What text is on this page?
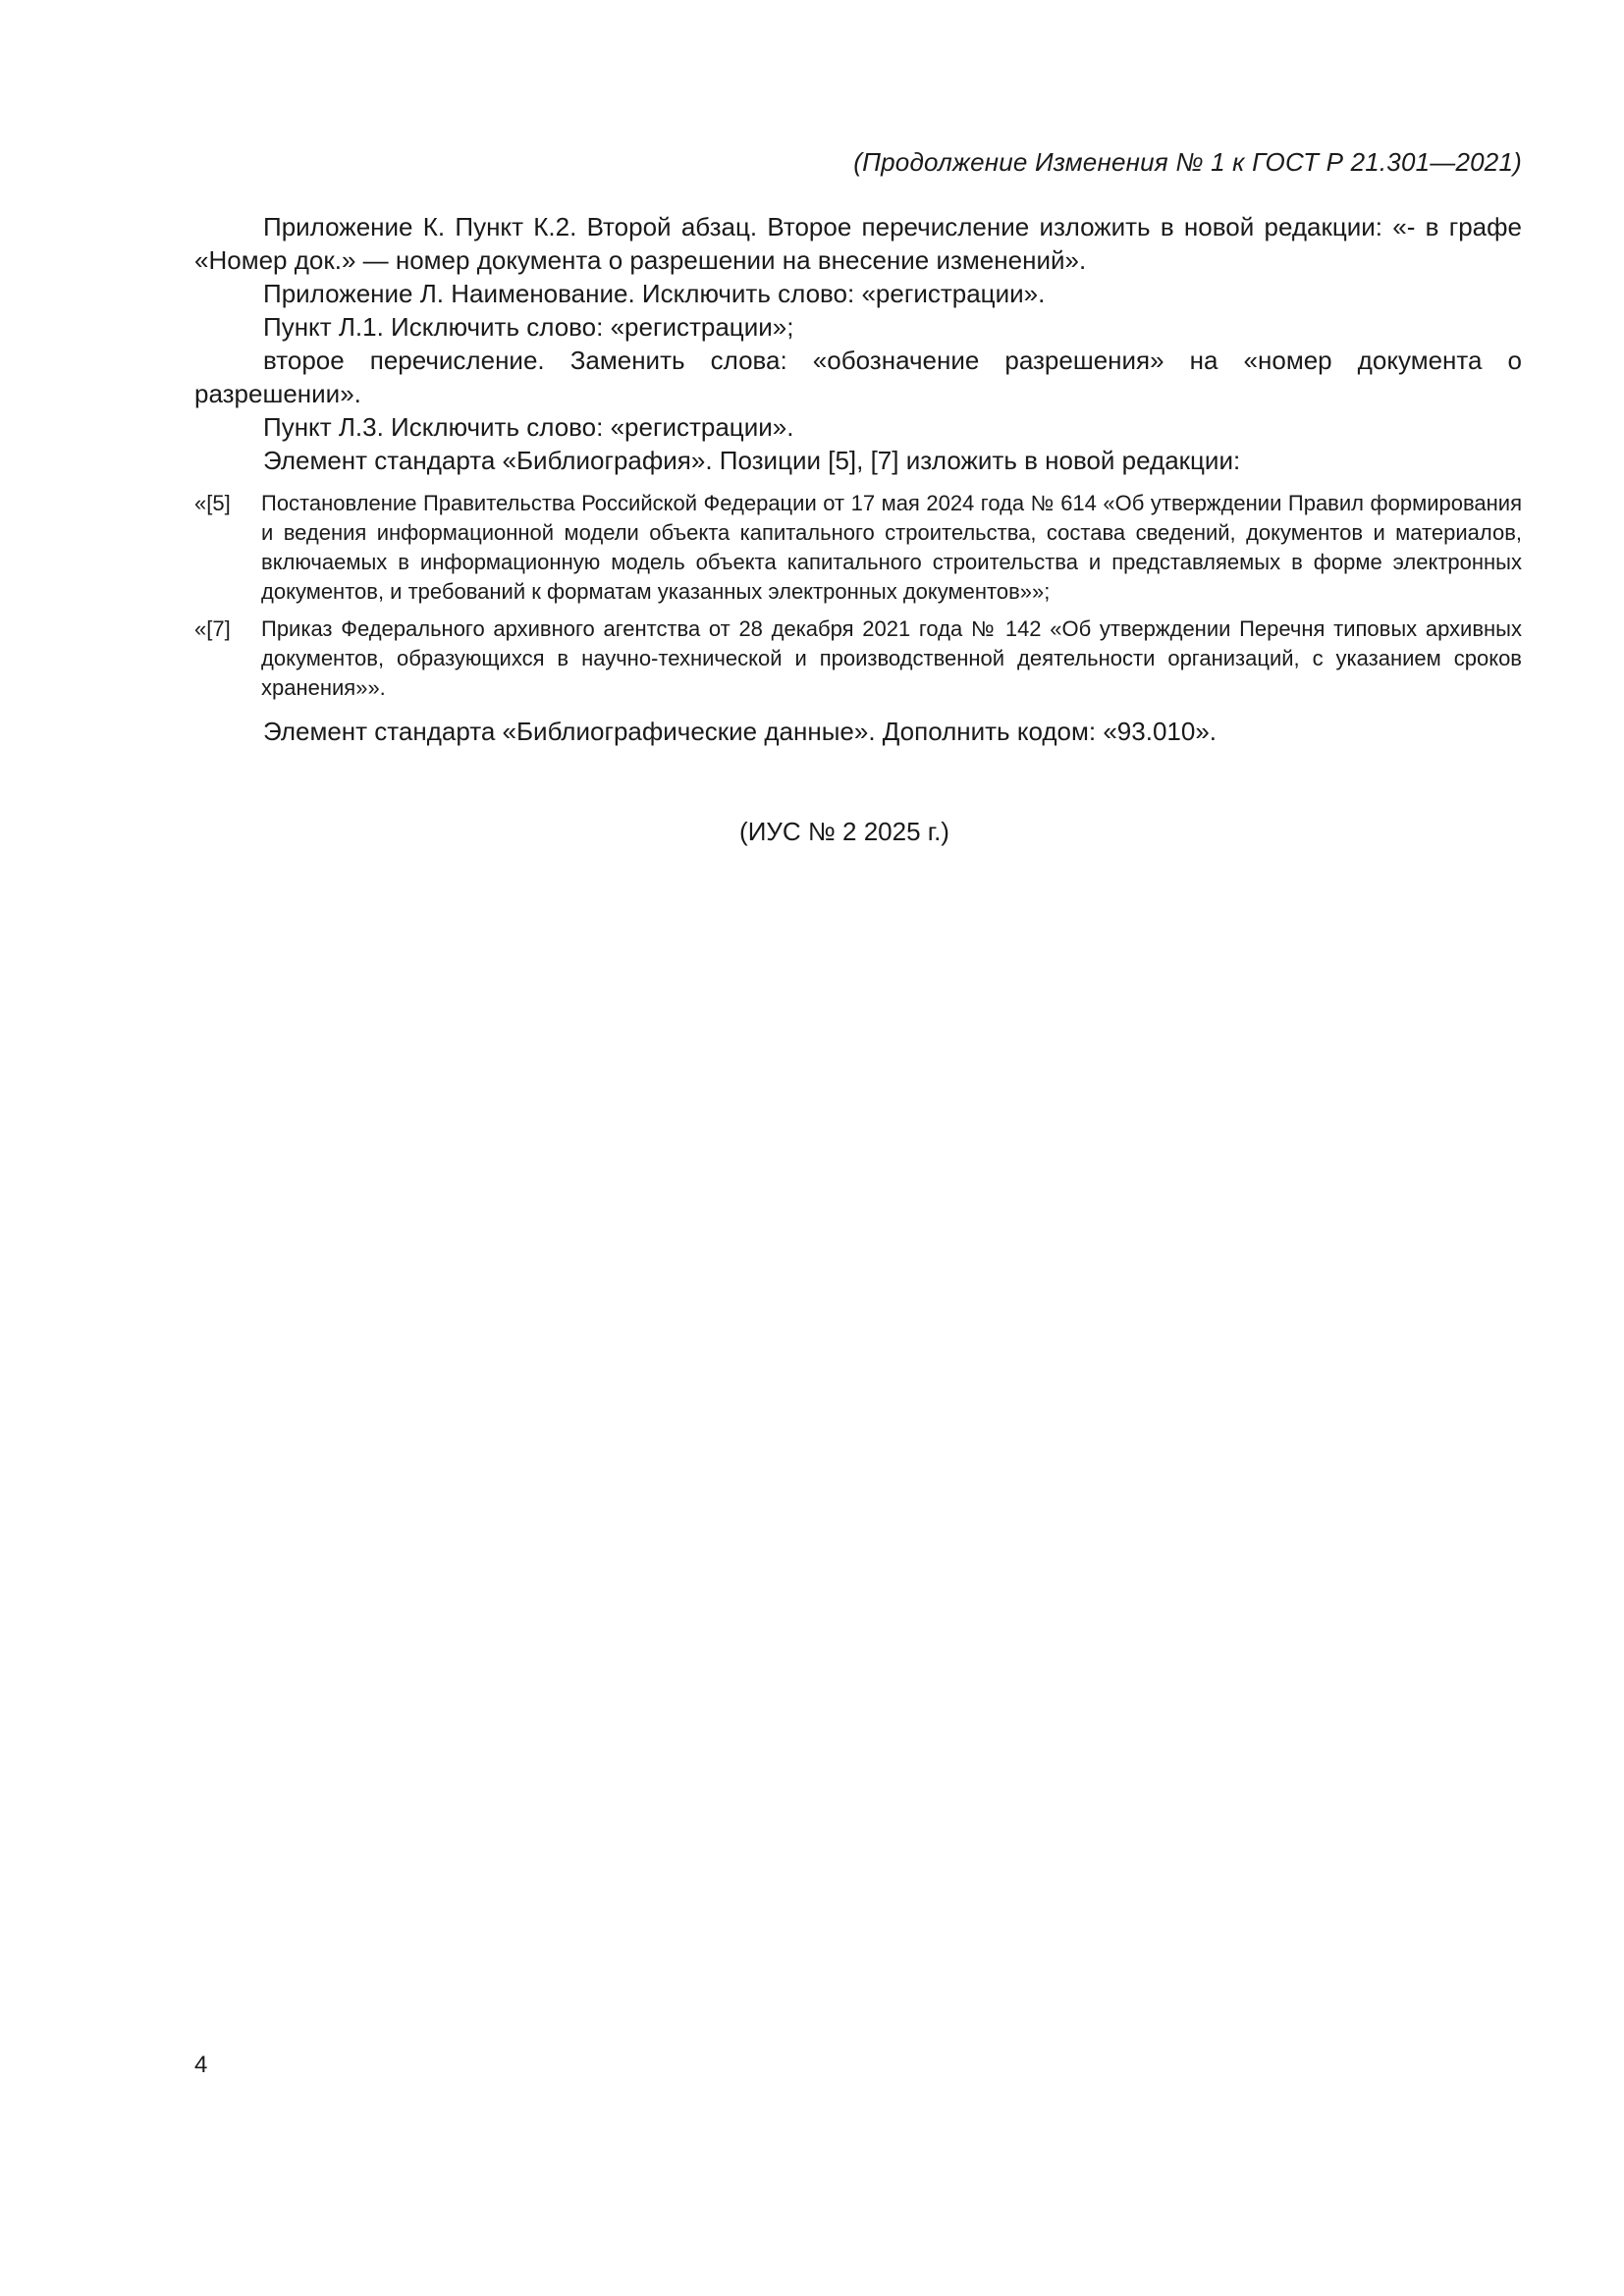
(Продолжение Изменения № 1 к ГОСТ Р 21.301—2021)

Приложение К. Пункт К.2. Второй абзац. Второе перечисление изложить в новой редакции: «- в графе «Номер док.» — номер документа о разрешении на внесение изменений».

Приложение Л. Наименование. Исключить слово: «регистрации».

Пункт Л.1. Исключить слово: «регистрации»;

второе перечисление. Заменить слова: «обозначение разрешения» на «номер документа о разрешении».

Пункт Л.3. Исключить слово: «регистрации».

Элемент стандарта «Библиография». Позиции [5], [7] изложить в новой редакции:

«[5]	Постановление Правительства Российской Федерации от 17 мая 2024 года № 614 «Об утверждении Правил формирования и ведения информационной модели объекта капитального строительства, состава сведений, документов и материалов, включаемых в информационную модель объекта капитального строительства и представляемых в форме электронных документов, и требований к форматам указанных электронных документов»»;
«[7]	Приказ Федерального архивного агентства от 28 декабря 2021 года № 142 «Об утверждении Перечня типовых архивных документов, образующихся в научно-технической и производственной деятельности организаций, с указанием сроков хранения»».

Элемент стандарта «Библиографические данные». Дополнить кодом: «93.010».

(ИУС № 2 2025 г.)
4
